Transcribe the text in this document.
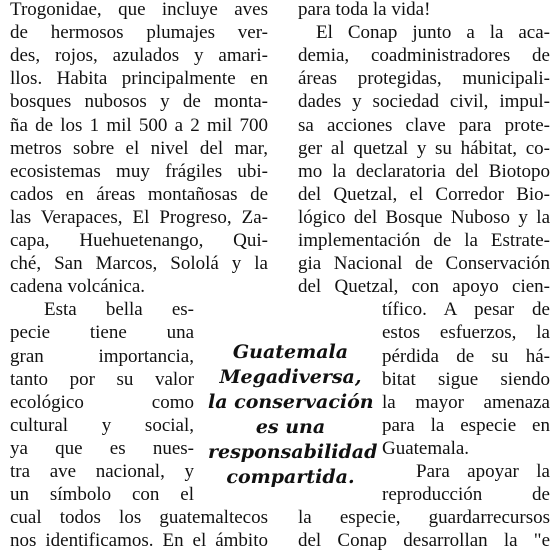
Trogonidae, que incluye aves
de hermosos plumajes ver-
des, rojos, azulados y amari-
llos. Habita principalmente en
bosques nubosos y de monta-
ña de los 1 mil 500 a 2 mil 700
metros sobre el nivel del mar,
ecosistemas muy frágiles ubi-
cados en áreas montañosas de
las Verapaces, El Progreso, Za-
capa, Huehuetenango, Qui-
ché, San Marcos, Sololá y la
cadena volcánica.
Esta bella es-
pecie tiene una
gran importancia,
tanto por su valor
ecológico como
cultural y social,
ya que es nues-
tra ave nacional, y
un símbolo con el
cual todos los guatemaltecos
nos identificamos. En el ámbito
para toda la vida!
El Conap junto a la aca-
demia, coadministradores de
áreas protegidas, municipali-
dades y sociedad civil, impul-
sa acciones clave para prote-
ger al quetzal y su hábitat, co-
mo la declaratoria del Biotopo
del Quetzal, el Corredor Bio-
lógico del Bosque Nuboso y la
implementación de la Estrate-
gia Nacional de Conservación
del Quetzal, con apoyo cien-
tífico. A pesar de
estos esfuerzos, la
pérdida de su há-
bitat sigue siendo
la mayor amenaza
para la especie en
Guatemala.
Para apoyar la
reproducción de
la especie, guardarrecursos
del Conap desarrollan la "e
Guatemala
Megadiversa,
la conservación
es una
responsabilidad
compartida.
